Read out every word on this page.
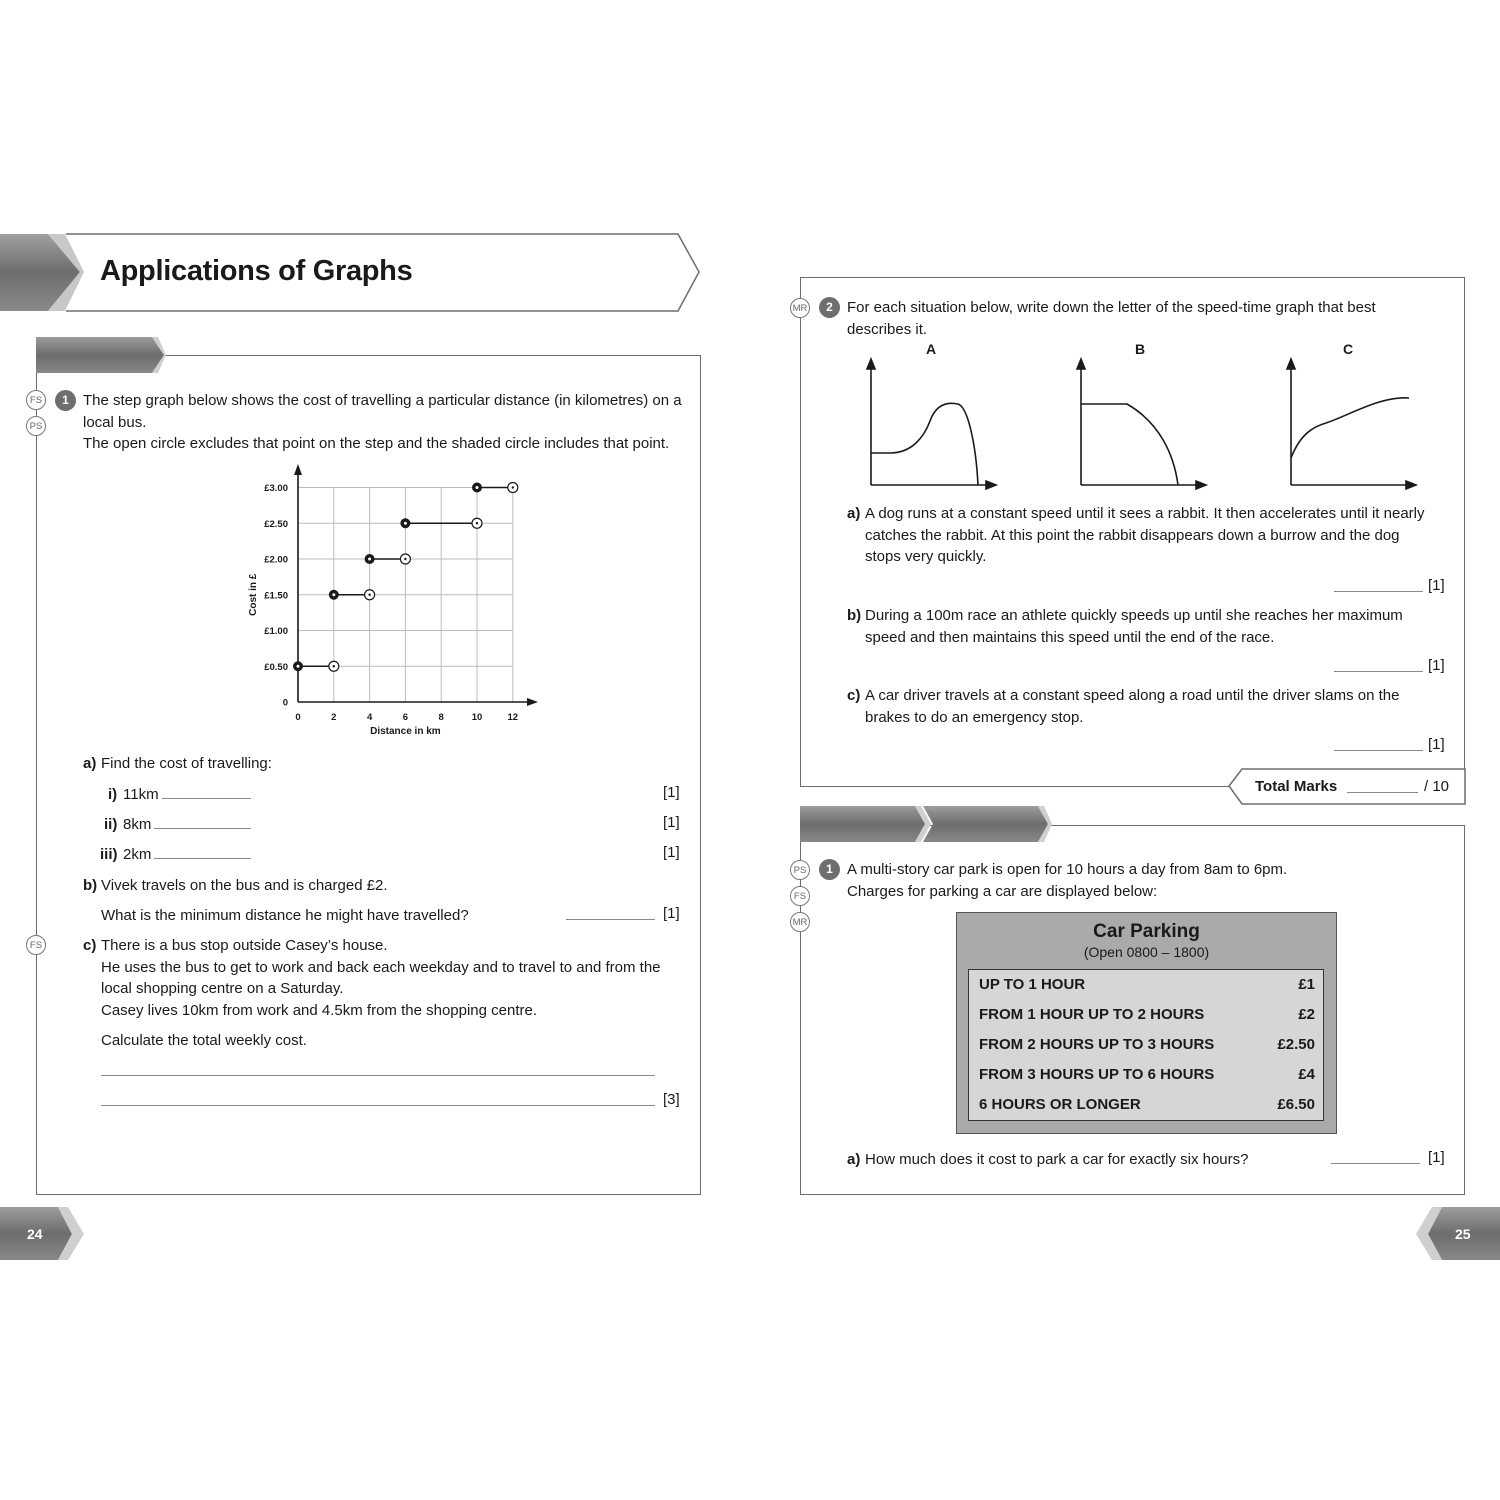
Applications of Graphs
FS
PS
FS
1 The step graph below shows the cost of travelling a particular distance (in kilometres) on a
local bus.
The open circle excludes that point on the step and the shaded circle includes that point.
0	2	4	6	8	10	12
0
£0.50
£1.00
£1.50
£2.00
£2.50
£3.00
Distance in km
Cost in £
a) Find the cost of travelling:
i) 11km	[1]
ii) 8km	[1]
iii) 2km	[1]
b) Vivek travels on the bus and is charged £2.
What is the minimum distance he might have travelled?	[1]
c) There is a bus stop outside Casey’s house.
He uses the bus to get to work and back each weekday and to travel to and from the
local shopping centre on a Saturday.
Casey lives 10km from work and 4.5km from the shopping centre.
Calculate the total weekly cost.
[3]
MR	2 For each situation below, write down the letter of the speed-time graph that best
describes it.
A	B	C
a) A dog runs at a constant speed until it sees a rabbit. It then accelerates until it nearly
catches the rabbit. At this point the rabbit disappears down a burrow and the dog
stops very quickly.
[1]
b) During a 100m race an athlete quickly speeds up until she reaches her maximum
speed and then maintains this speed until the end of the race.
[1]
c) A car driver travels at a constant speed along a road until the driver slams on the
brakes to do an emergency stop.
[1]
Total Marks	/ 10
PS
FS
MR
1 A multi-story car park is open for 10 hours a day from 8am to 6pm.
Charges for parking a car are displayed below:
Car Parking
(Open 0800 – 1800)
UP TO 1 HOUR	£1
FROM 1 HOUR UP TO 2 HOURS	£2
FROM 2 HOURS UP TO 3 HOURS	£2.50
FROM 3 HOURS UP TO 6 HOURS	£4
6 HOURS OR LONGER	£6.50
a) How much does it cost to park a car for exactly six hours?	[1]
24	25
